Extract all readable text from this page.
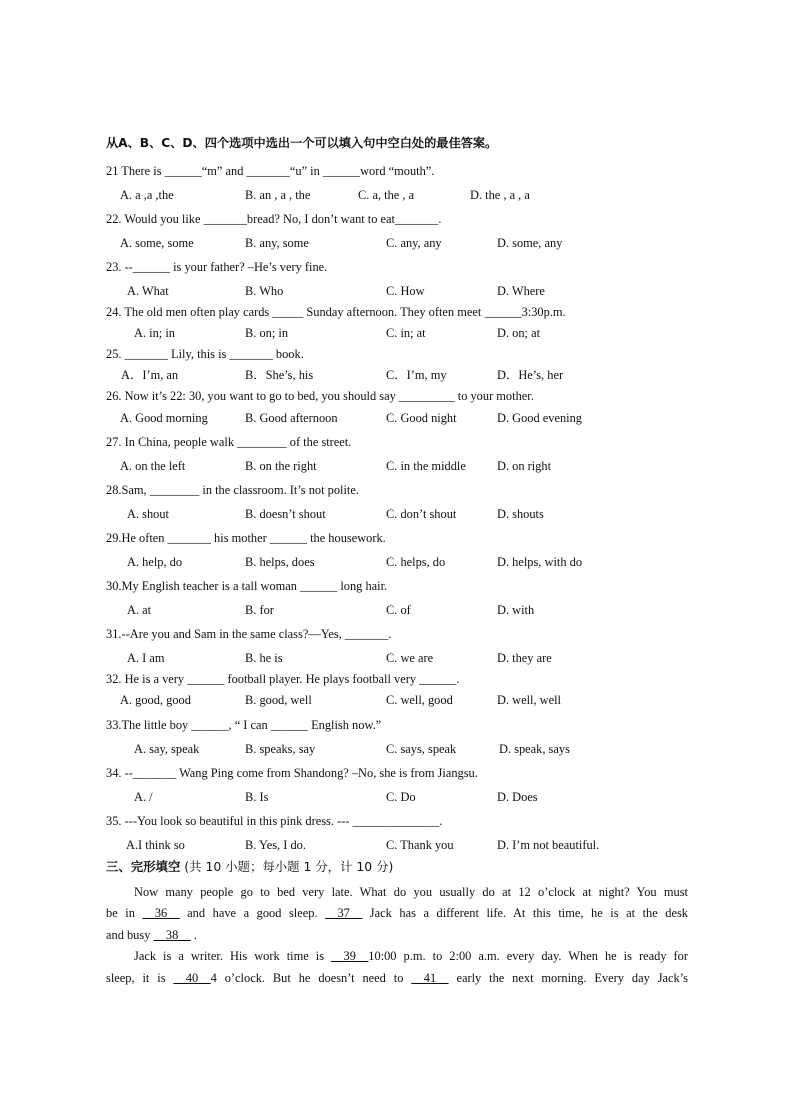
从A、B、C、D、四个选项中选出一个可以填入句中空白处的最佳答案。
21 There is ______“m” and _______“u” in ______word “mouth”.
A. a ,a ,the	B. an , a , the	C. a, the , a	D. the , a , a
22. Would you like _______bread? No, I don’t want to eat_______.
A. some, some	B. any, some	C. any, any	D. some, any
23. --______ is your father? –He’s very fine.
A. What	B. Who	C. How	D. Where
24. The old men often play cards _____ Sunday afternoon. They often meet ______3:30p.m.
A. in; in	B. on; in	C. in; at	D. on; at
25. _______ Lily, this is _______ book.
A．I’m, an	B．She’s, his	C．I’m, my	D．He’s, her
26. Now it’s 22: 30, you want to go to bed, you should say _________ to your mother.
A. Good morning	B. Good afternoon	C. Good night	D. Good evening
27. In China, people walk ________ of the street.
A. on the left	B. on the right	C. in the middle	D. on right
28.Sam, ________ in the classroom. It’s not polite.
A. shout	B. doesn’t shout	C. don’t shout	D. shouts
29.He often _______ his mother ______ the housework.
A. help, do	B. helps, does	C. helps, do	D. helps, with do
30.My English teacher is a tall woman ______ long hair.
A. at	B. for	C. of	D. with
31.--Are you and Sam in the same class?—Yes, _______.
A. I am	B. he is	C. we are	D. they are
32. He is a very ______ football player. He plays football very ______.
A. good, good	B. good, well	C. well, good	D. well, well
33.The little boy ______, “ I can ______ English now.”
A. say, speak	B. speaks, say	C. says, speak	D. speak, says
34. --_______ Wang Ping come from Shandong? –No, she is from Jiangsu.
A. /	B. Is	C. Do	D. Does
35. ---You look so beautiful in this pink dress. --- ______________.
A.I think so	B. Yes, I do.	C. Thank you	D. I’m not beautiful.
三、完形填空 (共 10 小题；每小题 1 分，计 10 分)
Now many people go to bed very late. What do you usually do at 12 o’clock at night? You must
be in __36__ and have a good sleep. __37__ Jack has a different life. At this time, he is at the desk
and busy __38__ .
Jack is a writer. His work time is __39__10:00 p.m. to 2:00 a.m. every day. When he is ready for
sleep, it is __40__4 o’clock. But he doesn’t need to __41__ early the next morning. Every day Jack’s
